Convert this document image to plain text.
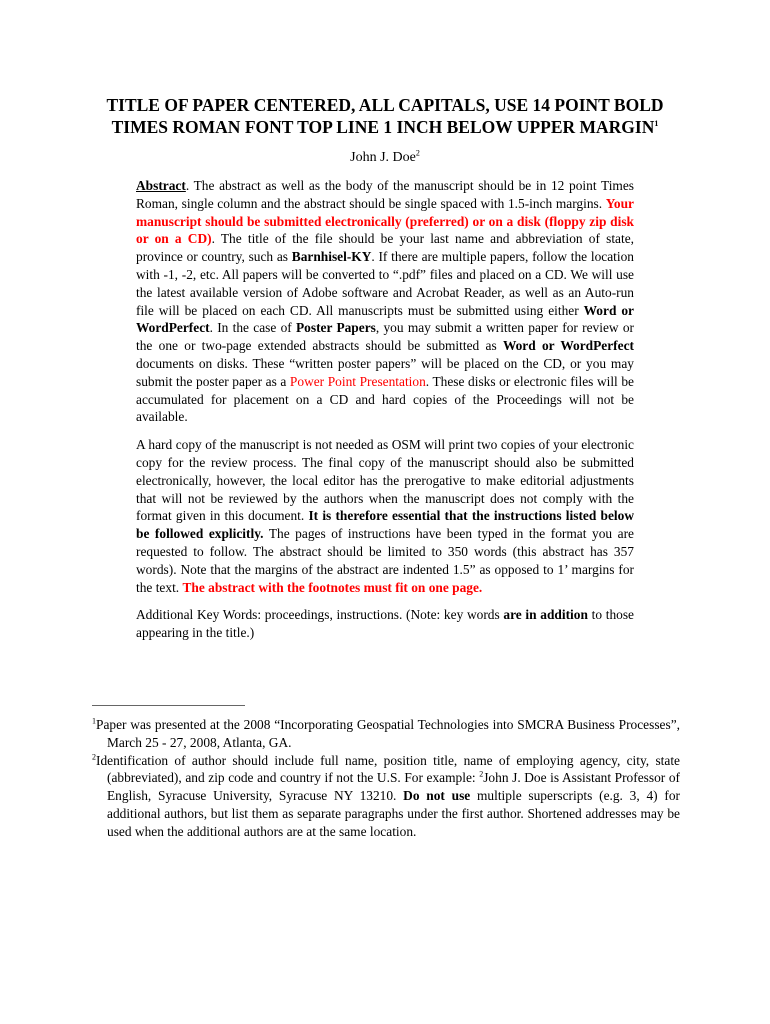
TITLE OF PAPER CENTERED, ALL CAPITALS, USE 14 POINT BOLD
TIMES ROMAN FONT TOP LINE 1 INCH BELOW UPPER MARGIN$^1$
John J. Doe$^2$

Abstract. The abstract as well as the body of the manuscript should be in 12 point Times Roman, single column and the abstract should be single spaced with 1.5-inch margins. Your manuscript should be submitted electronically (preferred) or on a disk (floppy zip disk or on a CD). The title of the file should be your last name and abbreviation of state, province or country, such as Barnhisel-KY. If there are multiple papers, follow the location with -1, -2, etc. All papers will be converted to “.pdf” files and placed on a CD. We will use the latest available version of Adobe software and Acrobat Reader, as well as an Auto-run file will be placed on each CD. All manuscripts must be submitted using either Word or WordPerfect. In the case of Poster Papers, you may submit a written paper for review or the one or two-page extended abstracts should be submitted as Word or WordPerfect documents on disks. These “written poster papers” will be placed on the CD, or you may submit the poster paper as a Power Point Presentation. These disks or electronic files will be accumulated for placement on a CD and hard copies of the Proceedings will not be available.

A hard copy of the manuscript is not needed as OSM will print two copies of your electronic copy for the review process. The final copy of the manuscript should also be submitted electronically, however, the local editor has the prerogative to make editorial adjustments that will not be reviewed by the authors when the manuscript does not comply with the format given in this document. It is therefore essential that the instructions listed below be followed explicitly. The pages of instructions have been typed in the format you are requested to follow. The abstract should be limited to 350 words (this abstract has 357 words). Note that the margins of the abstract are indented 1.5” as opposed to 1’ margins for the text. The abstract with the footnotes must fit on one page.

Additional Key Words: proceedings, instructions. (Note: key words are in addition to those appearing in the title.)

$^1$Paper was presented at the 2008 “Incorporating Geospatial Technologies into SMCRA Business Processes”, March 25 - 27, 2008, Atlanta, GA.
$^2$Identification of author should include full name, position title, name of employing agency, city, state (abbreviated), and zip code and country if not the U.S. For example: $^2$John J. Doe is Assistant Professor of English, Syracuse University, Syracuse NY 13210. Do not use multiple superscripts (e.g. 3, 4) for additional authors, but list them as separate paragraphs under the first author. Shortened addresses may be used when the additional authors are at the same location.
